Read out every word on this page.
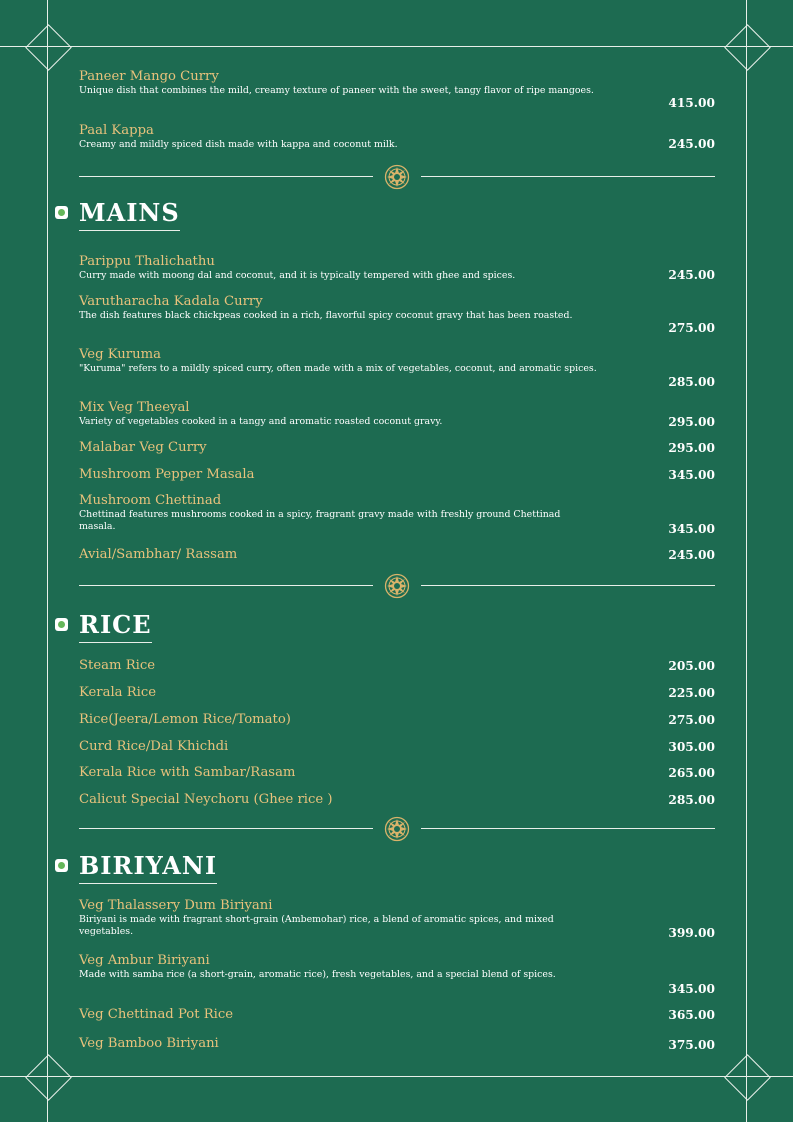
Paneer Mango Curry
Unique dish that combines the mild, creamy texture of paneer with the sweet, tangy flavor of ripe mangoes.
415.00
Paal Kappa
Creamy and mildly spiced dish made with kappa and coconut milk.	245.00
MAINS
Parippu Thalichathu
Curry made with moong dal and coconut, and it is typically tempered with ghee and spices.	245.00
Varutharacha Kadala Curry
The dish features black chickpeas cooked in a rich, flavorful spicy coconut gravy that has been roasted.
275.00
Veg Kuruma
"Kuruma" refers to a mildly spiced curry, often made with a mix of vegetables, coconut, and aromatic spices.
285.00
Mix Veg Theeyal
Variety of vegetables cooked in a tangy and aromatic roasted coconut gravy.	295.00
Malabar Veg Curry	295.00
Mushroom Pepper Masala	345.00
Mushroom Chettinad
Chettinad features mushrooms cooked in a spicy, fragrant gravy made with freshly ground Chettinad masala.	345.00
Avial/Sambhar/ Rassam	245.00
RICE
Steam Rice	205.00
Kerala Rice	225.00
Rice(Jeera/Lemon Rice/Tomato)	275.00
Curd Rice/Dal Khichdi	305.00
Kerala Rice with Sambar/Rasam	265.00
Calicut Special Neychoru (Ghee rice )	285.00
BIRIYANI
Veg Thalassery Dum Biriyani
Biriyani is made with fragrant short-grain (Ambemohar) rice, a blend of aromatic spices, and mixed vegetables.	399.00
Veg Ambur Biriyani
Made with samba rice (a short-grain, aromatic rice), fresh vegetables, and a special blend of spices.
345.00
Veg Chettinad Pot Rice	365.00
Veg Bamboo Biriyani	375.00
